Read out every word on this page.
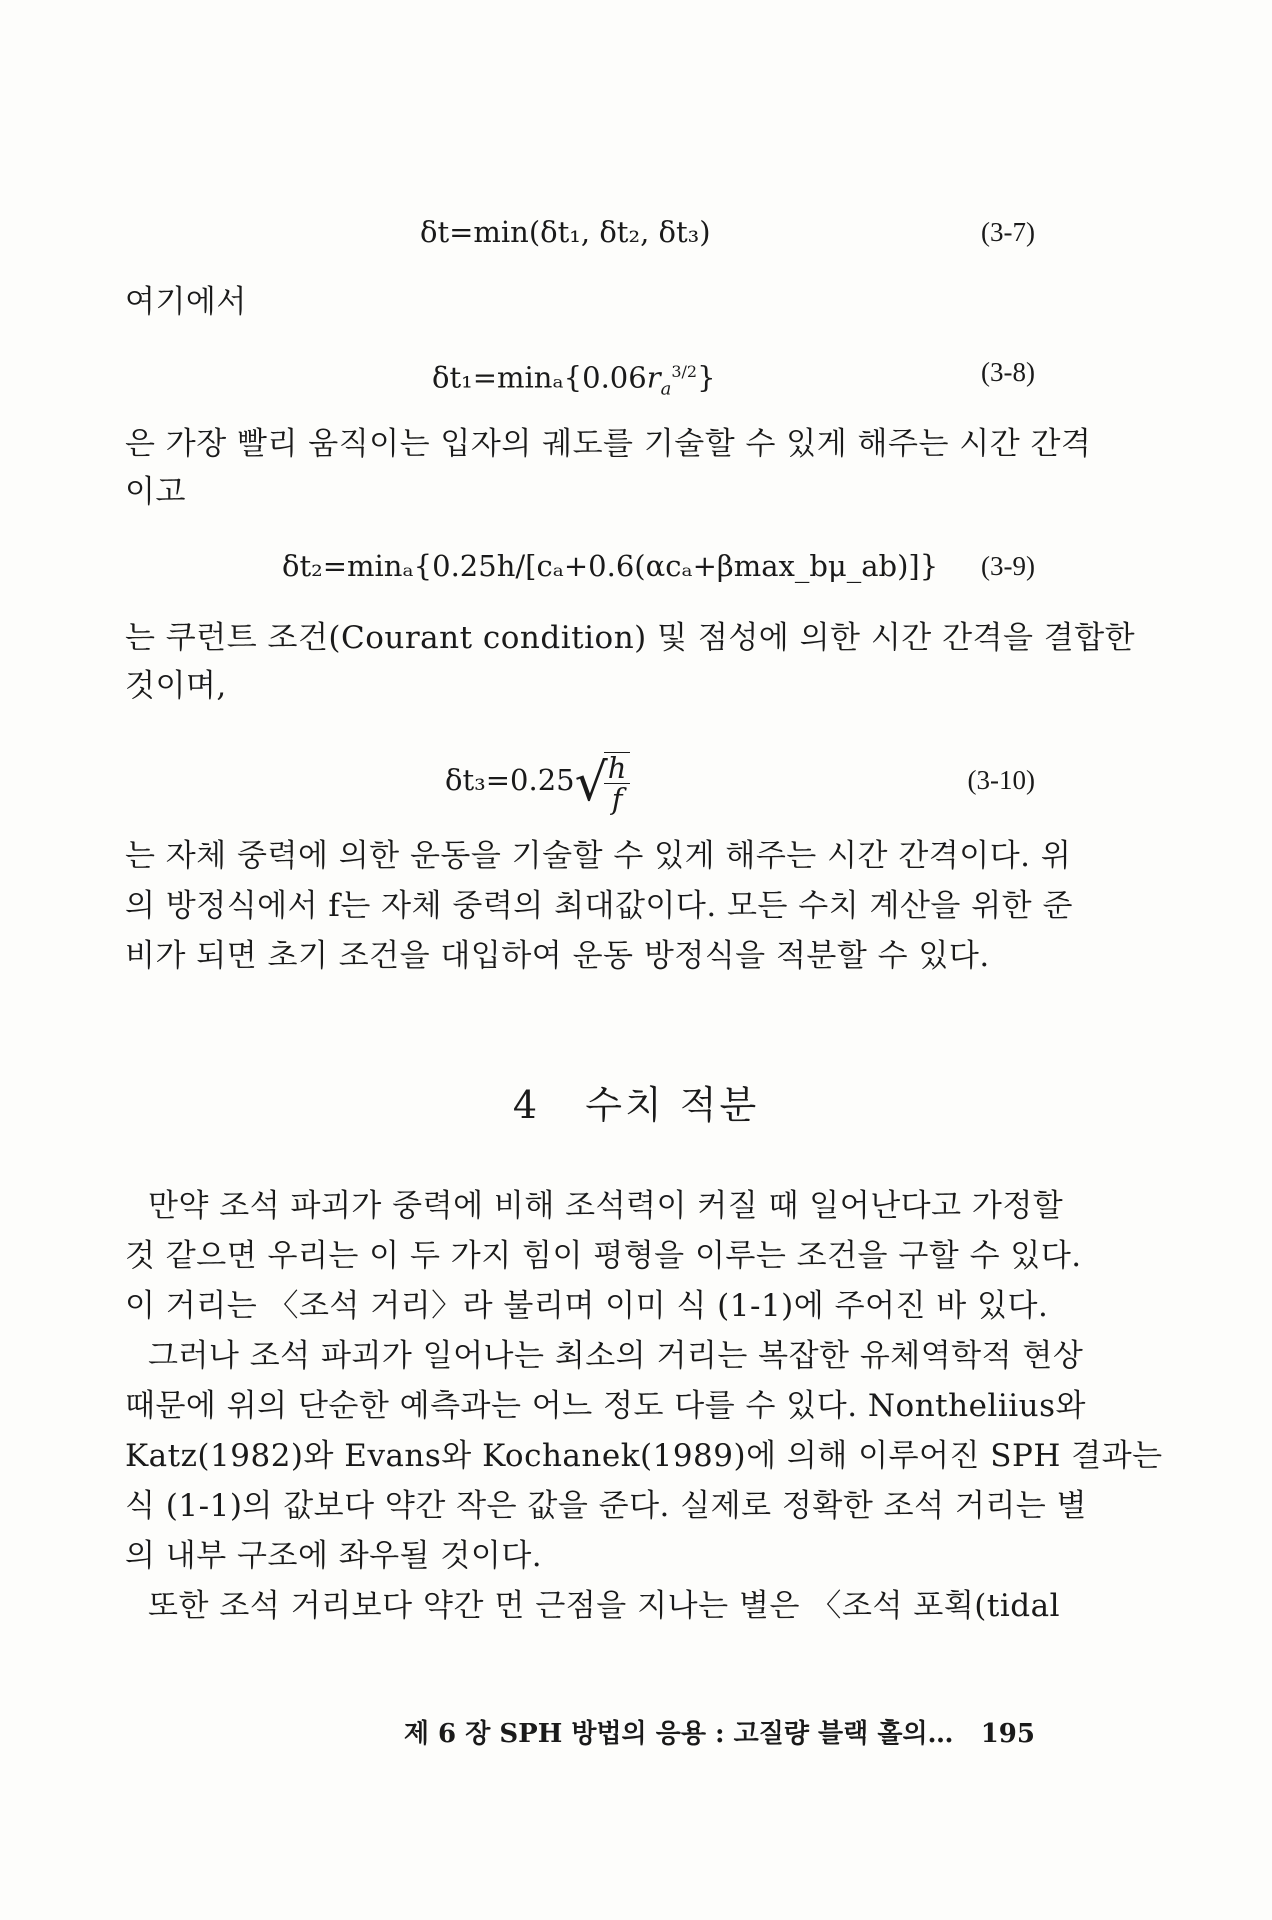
δt=min(δt₁, δt₂, δt₃)	(3-7)
여기에서
$\delta t_1=\min_a\{0.06r_a^{3/2}\}$	(3-8)
은 가장 빨리 움직이는 입자의 궤도를 기술할 수 있게 해주는 시간 간격
이고
δt₂=minₐ{0.25h/[cₐ+0.6(αcₐ+βmax_bμ_ab)]}	(3-9)
는 쿠런트 조건(Courant condition) 및 점성에 의한 시간 간격을 결합한
것이며,
δt₃=0.25√
$\frac{h}{f}$	(3-10)
는 자체 중력에 의한 운동을 기술할 수 있게 해주는 시간 간격이다. 위
의 방정식에서 f는 자체 중력의 최대값이다. 모든 수치 계산을 위한 준
비가 되면 초기 조건을 대입하여 운동 방정식을 적분할 수 있다.
4 수치 적분
만약 조석 파괴가 중력에 비해 조석력이 커질 때 일어난다고 가정할
것 같으면 우리는 이 두 가지 힘이 평형을 이루는 조건을 구할 수 있다.
이 거리는 〈조석 거리〉라 불리며 이미 식 (1-1)에 주어진 바 있다.
그러나 조석 파괴가 일어나는 최소의 거리는 복잡한 유체역학적 현상
때문에 위의 단순한 예측과는 어느 정도 다를 수 있다. Nontheliius와
Katz(1982)와 Evans와 Kochanek(1989)에 의해 이루어진 SPH 결과는
식 (1-1)의 값보다 약간 작은 값을 준다. 실제로 정확한 조석 거리는 별
의 내부 구조에 좌우될 것이다.
또한 조석 거리보다 약간 먼 근점을 지나는 별은 〈조석 포획(tidal
제 6 장 SPH 방법의 응용 : 고질량 블랙 홀의… 195
